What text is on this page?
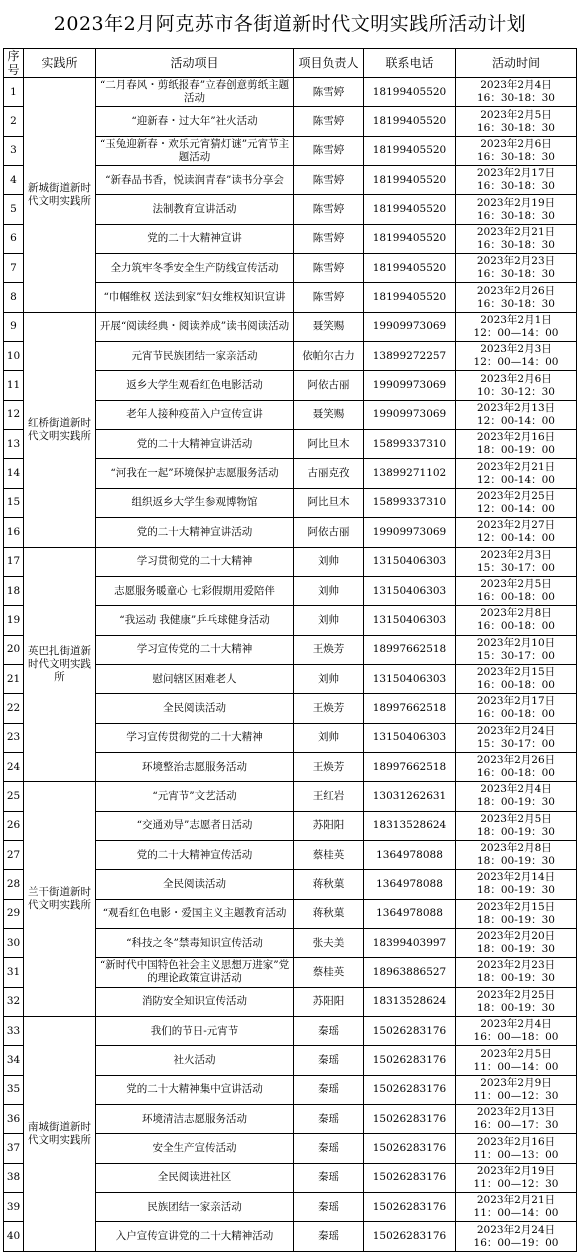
2023年2月阿克苏市各街道新时代文明实践所活动计划
序号	实践所	活动项目	项目负责人	联系电话	活动时间
1	新城街道新时代文明实践所	“二月春风・剪纸报春”立春创意剪纸主题活动	陈雪婷	18199405520	2023年2月4日
16：30-18：30

2		“迎新春・过大年”社火活动	陈雪婷	18199405520	2023年2月5日
16：30-18：30

3		“玉兔迎新春・欢乐元宵猜灯谜”元宵节主题活动	陈雪婷	18199405520	2023年2月6日
16：30-18：30

4		“新春品书香，悦读润青春”读书分享会	陈雪婷	18199405520	2023年2月17日
16：30-18：30

5		法制教育宣讲活动	陈雪婷	18199405520	2023年2月19日
16：30-18：30

6		党的二十大精神宣讲	陈雪婷	18199405520	2023年2月21日
16：30-18：30

7		全力筑牢冬季安全生产防线宣传活动	陈雪婷	18199405520	2023年2月23日
16：30-18：30

8		“巾帼维权 送法到家”妇女维权知识宣讲	陈雪婷	18199405520	2023年2月26日
16：30-18：30

9	红桥街道新时代文明实践所	开展“阅读经典・阅读养成”读书阅读活动	聂笑赐	19909973069	2023年2月1日
12：00—14：00

10		元宵节民族团结一家亲活动	依帕尔古力	13899272257	2023年2月3日
12：00—14：00

11		返乡大学生观看红色电影活动	阿依古丽	19909973069	2023年2月6日
10：30-12：30

12		老年人接种疫苗入户宣传宣讲	聂笑赐	19909973069	2023年2月13日
12：00-14：00

13		党的二十大精神宣讲活动	阿比旦木	15899337310	2023年2月16日
18：00-19：00

14		“河我在一起”环境保护志愿服务活动	古丽克孜	13899271102	2023年2月21日
12：00-14：00

15		组织返乡大学生参观博物馆	阿比旦木	15899337310	2023年2月25日
12：00-14：00

16		党的二十大精神宣讲活动	阿依古丽	19909973069	2023年2月27日
12：00-14：00

17	英巴扎街道新时代文明实践所	学习贯彻党的二十大精神	刘帅	13150406303	2023年2月3日
15：30-17：00

18		志愿服务暖童心 七彩假期用爱陪伴	刘帅	13150406303	2023年2月5日
16：00-18：00

19		“我运动 我健康”乒乓球健身活动	刘帅	13150406303	2023年2月8日
16：00-18：00

20		学习宣传党的二十大精神	王焕芳	18997662518	2023年2月10日
15：30-17：00

21		慰问辖区困难老人	刘帅	13150406303	2023年2月15日
16：00-18：00

22		全民阅读活动	王焕芳	18997662518	2023年2月17日
16：00-18：00

23		学习宣传贯彻党的二十大精神	刘帅	13150406303	2023年2月24日
15：30-17：00

24		环境整治志愿服务活动	王焕芳	18997662518	2023年2月26日
16：00-18：00

25	兰干街道新时代文明实践所	“元宵节”文艺活动	王红岩	13031262631	2023年2月4日
18：00-19：30

26		“交通劝导”志愿者日活动	苏阳阳	18313528624	2023年2月5日
18：00-19：30

27		党的二十大精神宣传活动	蔡桂英	1364978088	2023年2月8日
18：00-19：30

28		全民阅读活动	蒋秋菓	1364978088	2023年2月14日
18：00-19：30

29		“观看红色电影・爱国主义主题教育活动	蒋秋菓	1364978088	2023年2月15日
18：00-19：30

30		“科技之冬”禁毒知识宣传活动	张夫美	18399403997	2023年2月20日
18：00-19：30

31		“新时代中国特色社会主义思想万进家”党的理论政策宣讲活动	蔡桂英	18963886527	2023年2月23日
18：00-19：30

32		消防安全知识宣传活动	苏阳阳	18313528624	2023年2月25日
18：00-19：30

33	南城街道新时代文明实践所	我们的节日-元宵节	秦瑶	15026283176	2023年2月4日
16：00—18：00

34		社火活动	秦瑶	15026283176	2023年2月5日
11：00—14：00

35		党的二十大精神集中宣讲活动	秦瑶	15026283176	2023年2月9日
11：00—12：30

36		环境清洁志愿服务活动	秦瑶	15026283176	2023年2月13日
16：00—17：30

37		安全生产宣传活动	秦瑶	15026283176	2023年2月16日
11：00—13：00

38		全民阅读进社区	秦瑶	15026283176	2023年2月19日
11：00—12：30

39		民族团结一家亲活动	秦瑶	15026283176	2023年2月21日
11：00—14：00

40		入户宣传宣讲党的二十大精神活动	秦瑶	15026283176	2023年2月24日
16：00—19：00
